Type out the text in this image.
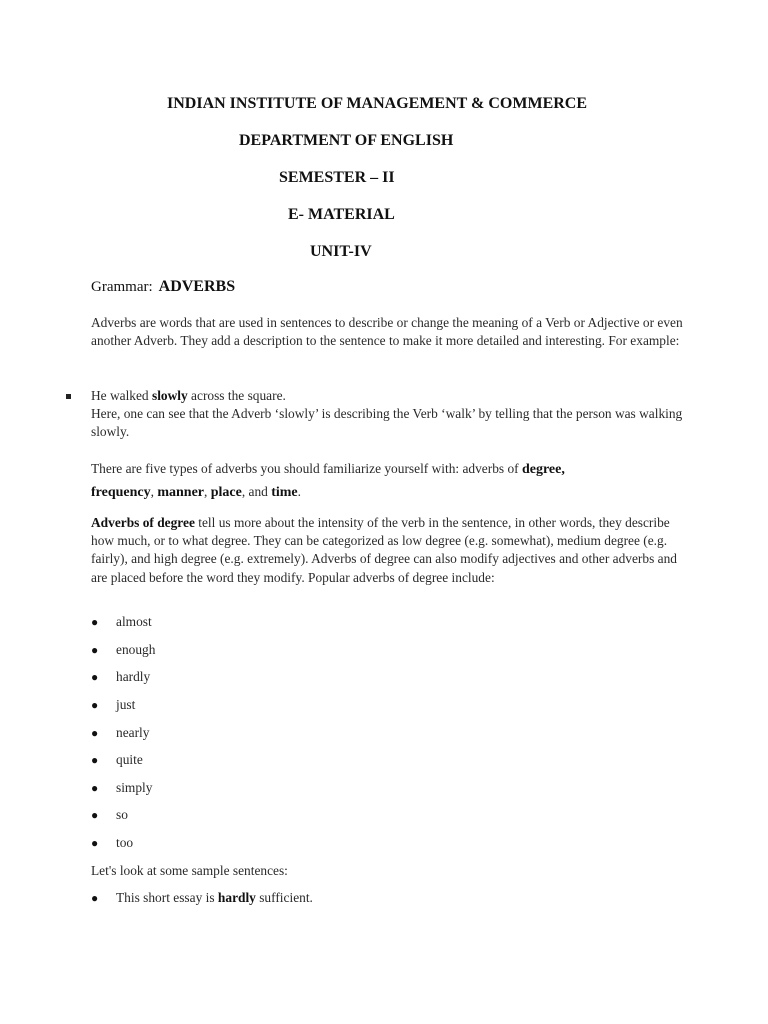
INDIAN INSTITUTE OF MANAGEMENT & COMMERCE
DEPARTMENT OF ENGLISH
SEMESTER – II
E- MATERIAL
UNIT-IV
Grammar: ADVERBS
Adverbs are words that are used in sentences to describe or change the meaning of a Verb or Adjective or even another Adverb. They add a description to the sentence to make it more detailed and interesting. For example:
He walked slowly across the square.
Here, one can see that the Adverb ‘slowly’ is describing the Verb ‘walk’ by telling that the person was walking slowly.
There are five types of adverbs you should familiarize yourself with: adverbs of degree,
frequency, manner, place, and time.
Adverbs of degree tell us more about the intensity of the verb in the sentence, in other words, they describe how much, or to what degree. They can be categorized as low degree (e.g. somewhat), medium degree (e.g. fairly), and high degree (e.g. extremely). Adverbs of degree can also modify adjectives and other adverbs and are placed before the word they modify. Popular adverbs of degree include:
● almost
● enough
● hardly
● just
● nearly
● quite
● simply
● so
● too
Let's look at some sample sentences:
● This short essay is hardly sufficient.
